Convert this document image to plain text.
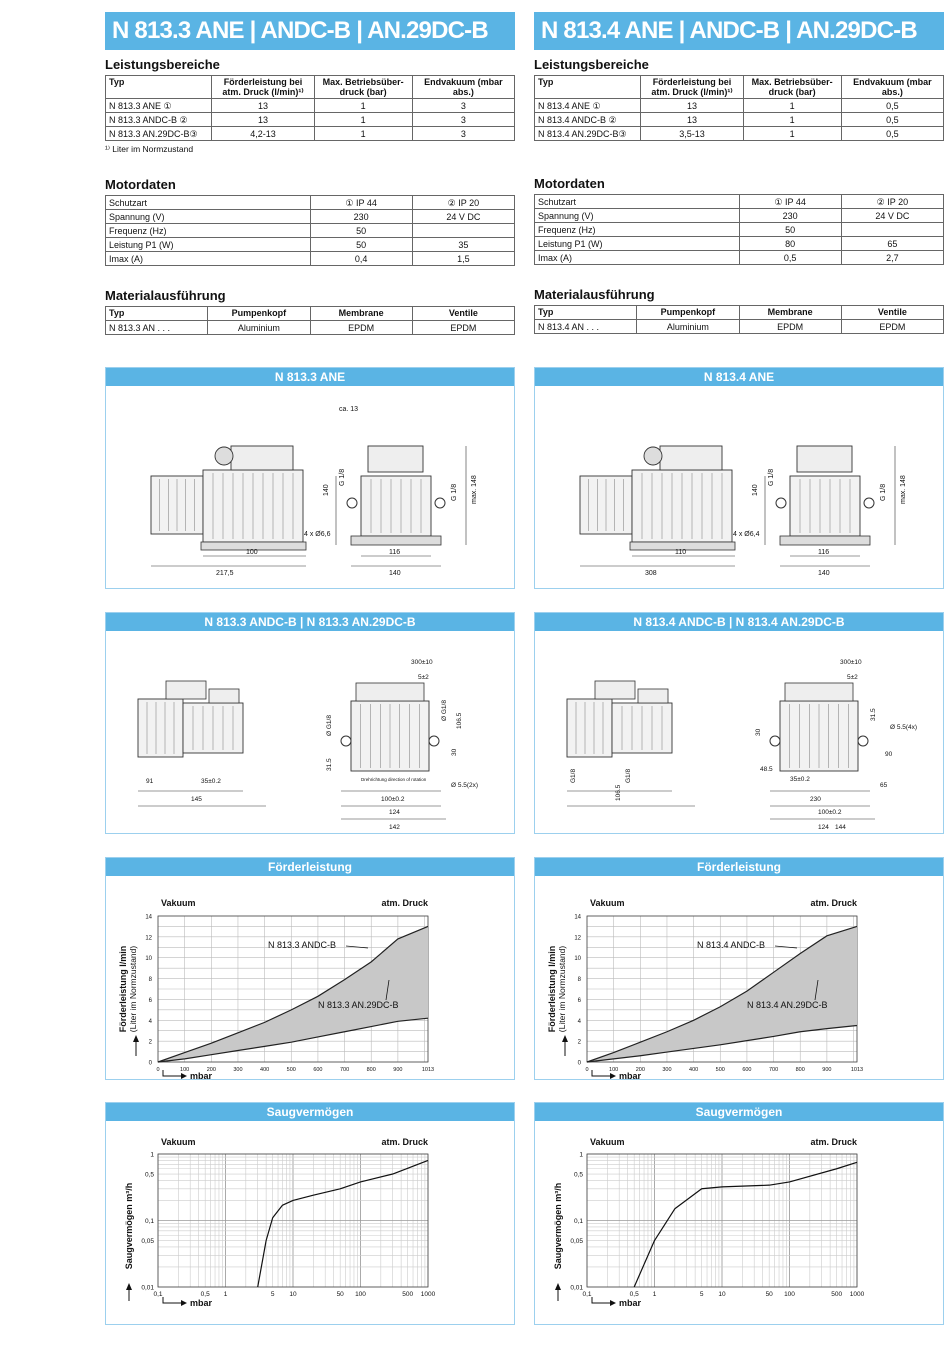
N 813.3 ANE | ANDC-B | AN.29DC-B
Leistungsbereiche
Typ	Förderleistung bei atm. Druck (l/min)¹⁾	Max. Betriebsüber-druck (bar)	Endvakuum (mbar abs.)
N 813.3 ANE ①	13	1	3
N 813.3 ANDC-B ②	13	1	3
N 813.3 AN.29DC-B③	4,2-13	1	3
¹⁾ Liter im Normzustand
Motordaten
Schutzart	① IP 44	② IP 20
Spannung (V)	230	24 V DC
Frequenz (Hz)	50	
Leistung P1 (W)	50	35
Imax (A)	0,4	1,5
Materialausführung
Typ	Pumpenkopf	Membrane	Ventile
N 813.3 AN . . .	Aluminium	EPDM	EPDM
N 813.4 ANE | ANDC-B | AN.29DC-B
Leistungsbereiche
Typ	Förderleistung bei atm. Druck (l/min)¹⁾	Max. Betriebsüber-druck (bar)	Endvakuum (mbar abs.)
N 813.4 ANE ①	13	1	0,5
N 813.4 ANDC-B ②	13	1	0,5
N 813.4 AN.29DC-B③	3,5-13	1	0,5

Motordaten
Schutzart	① IP 44	② IP 20
Spannung (V)	230	24 V DC
Frequenz (Hz)	50	
Leistung P1 (W)	80	65
Imax (A)	0,5	2,7
Materialausführung
Typ	Pumpenkopf	Membrane	Ventile
N 813.4 AN . . .	Aluminium	EPDM	EPDM
N 813.3 ANE
ca. 13
140
G 1/8
G 1/8 max. 148
4 x Ø6,6
100
217,5
116
140
N 813.4 ANE
140
G 1/8
G 1/8 max. 148
4 x Ø6,4
110
308
116
140
N 813.3 ANDC-B | N 813.3 AN.29DC-B
300±10
5±2
91	35±0.2
145
Ø G1/8
Ø G1/8 106.5
30
31.5
Drehrichtung direction of rotation
Ø 5.5(2x)
100±0.2
124
142
N 813.4 ANDC-B | N 813.4 AN.29DC-B
300±10
5±2
G1/8	G1/8
106.5
30
31.5
Ø 5.5(4x)
90
48.5
35±0.2
65
230
100±0.2
124 144
Förderleistung
Vakuum	atm. Druck
0
2
4
6
8
10
12
14
0	100	200	300	400	500	600	700	800	900	1013
N 813.3 ANDC-B
N 813.3 AN.29DC-B
Förderleistung l/min (Liter im Normzustand)
mbar
Förderleistung
Vakuum	atm. Druck
0
2
4
6
8
10
12
14
0	100	200	300	400	500	600	700	800	900	1013
N 813.4 ANDC-B
N 813.4 AN.29DC-B
Förderleistung l/min (Liter im Normzustand)
mbar
Saugvermögen
Vakuum	atm. Druck
0,01
0,05
0,1
0,5
1
0,1	0,5 1	5 10	50 100	500 1000
Saugvermögen m³/h
mbar
Saugvermögen
Vakuum	atm. Druck
0,01
0,05
0,1
0,5
1
0,1	0,5 1	5 10	50 100	500 1000
Saugvermögen m³/h
mbar
